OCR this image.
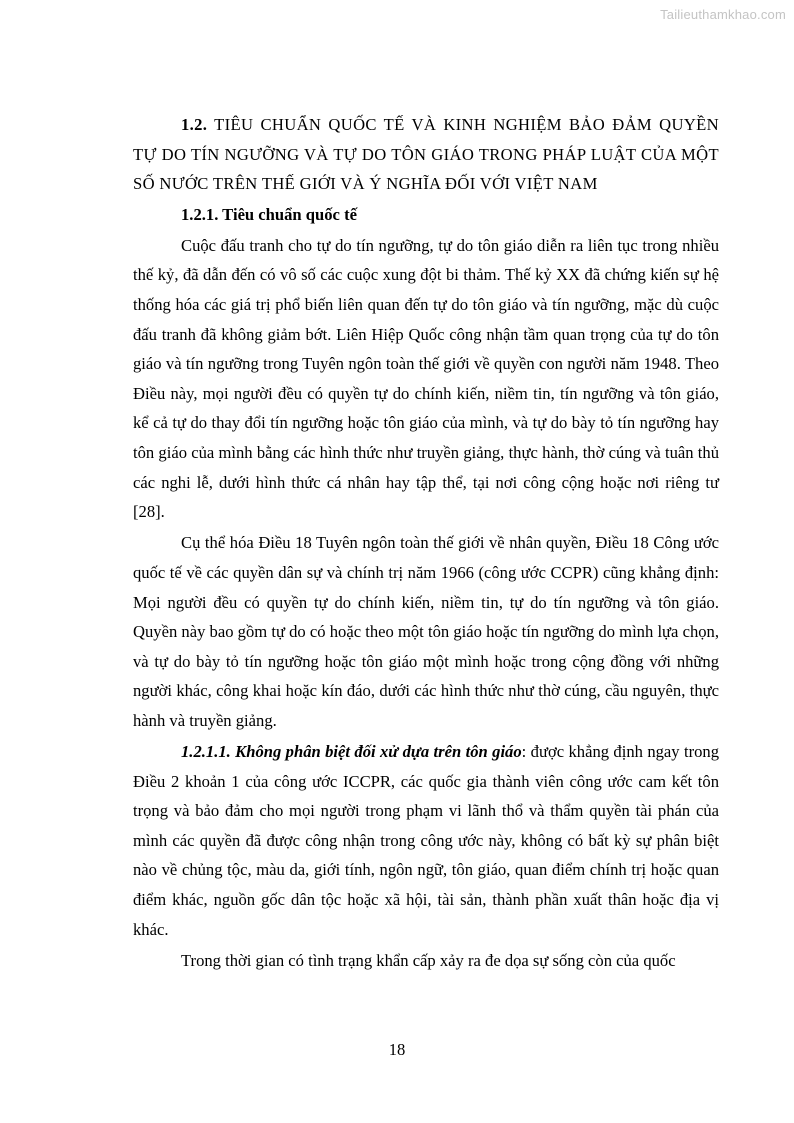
Tailieuthamkhao.com
1.2. TIÊU CHUẨN QUỐC TẾ VÀ KINH NGHIỆM BẢO ĐẢM QUYỀN TỰ DO TÍN NGƯỠNG VÀ TỰ DO TÔN GIÁO TRONG PHÁP LUẬT CỦA MỘT SỐ NƯỚC TRÊN THẾ GIỚI VÀ Ý NGHĨA ĐỐI VỚI VIỆT NAM
1.2.1. Tiêu chuẩn quốc tế

Cuộc đấu tranh cho tự do tín ngưỡng, tự do tôn giáo diễn ra liên tục trong nhiều thế kỷ, đã dẫn đến có vô số các cuộc xung đột bi thảm. Thế kỷ XX đã chứng kiến sự hệ thống hóa các giá trị phổ biến liên quan đến tự do tôn giáo và tín ngưỡng, mặc dù cuộc đấu tranh đã không giảm bớt. Liên Hiệp Quốc công nhận tầm quan trọng của tự do tôn giáo và tín ngưỡng trong Tuyên ngôn toàn thế giới về quyền con người năm 1948. Theo Điều này, mọi người đều có quyền tự do chính kiến, niềm tin, tín ngưỡng và tôn giáo, kể cả tự do thay đổi tín ngưỡng hoặc tôn giáo của mình, và tự do bày tỏ tín ngưỡng hay tôn giáo của mình bằng các hình thức như truyền giảng, thực hành, thờ cúng và tuân thủ các nghi lễ, dưới hình thức cá nhân hay tập thể, tại nơi công cộng hoặc nơi riêng tư [28].

Cụ thể hóa Điều 18 Tuyên ngôn toàn thế giới về nhân quyền, Điều 18 Công ước quốc tế về các quyền dân sự và chính trị năm 1966 (công ước CCPR) cũng khẳng định: Mọi người đều có quyền tự do chính kiến, niềm tin, tự do tín ngưỡng và tôn giáo. Quyền này bao gồm tự do có hoặc theo một tôn giáo hoặc tín ngưỡng do mình lựa chọn, và tự do bày tỏ tín ngưỡng hoặc tôn giáo một mình hoặc trong cộng đồng với những người khác, công khai hoặc kín đáo, dưới các hình thức như thờ cúng, cầu nguyên, thực hành và truyền giảng.

1.2.1.1. Không phân biệt đối xử dựa trên tôn giáo: được khẳng định ngay trong Điều 2 khoản 1 của công ước ICCPR, các quốc gia thành viên công ước cam kết tôn trọng và bảo đảm cho mọi người trong phạm vi lãnh thổ và thẩm quyền tài phán của mình các quyền đã được công nhận trong công ước này, không có bất kỳ sự phân biệt nào về chủng tộc, màu da, giới tính, ngôn ngữ, tôn giáo, quan điểm chính trị hoặc quan điểm khác, nguồn gốc dân tộc hoặc xã hội, tài sản, thành phần xuất thân hoặc địa vị khác.

Trong thời gian có tình trạng khẩn cấp xảy ra đe dọa sự sống còn của quốc

18
